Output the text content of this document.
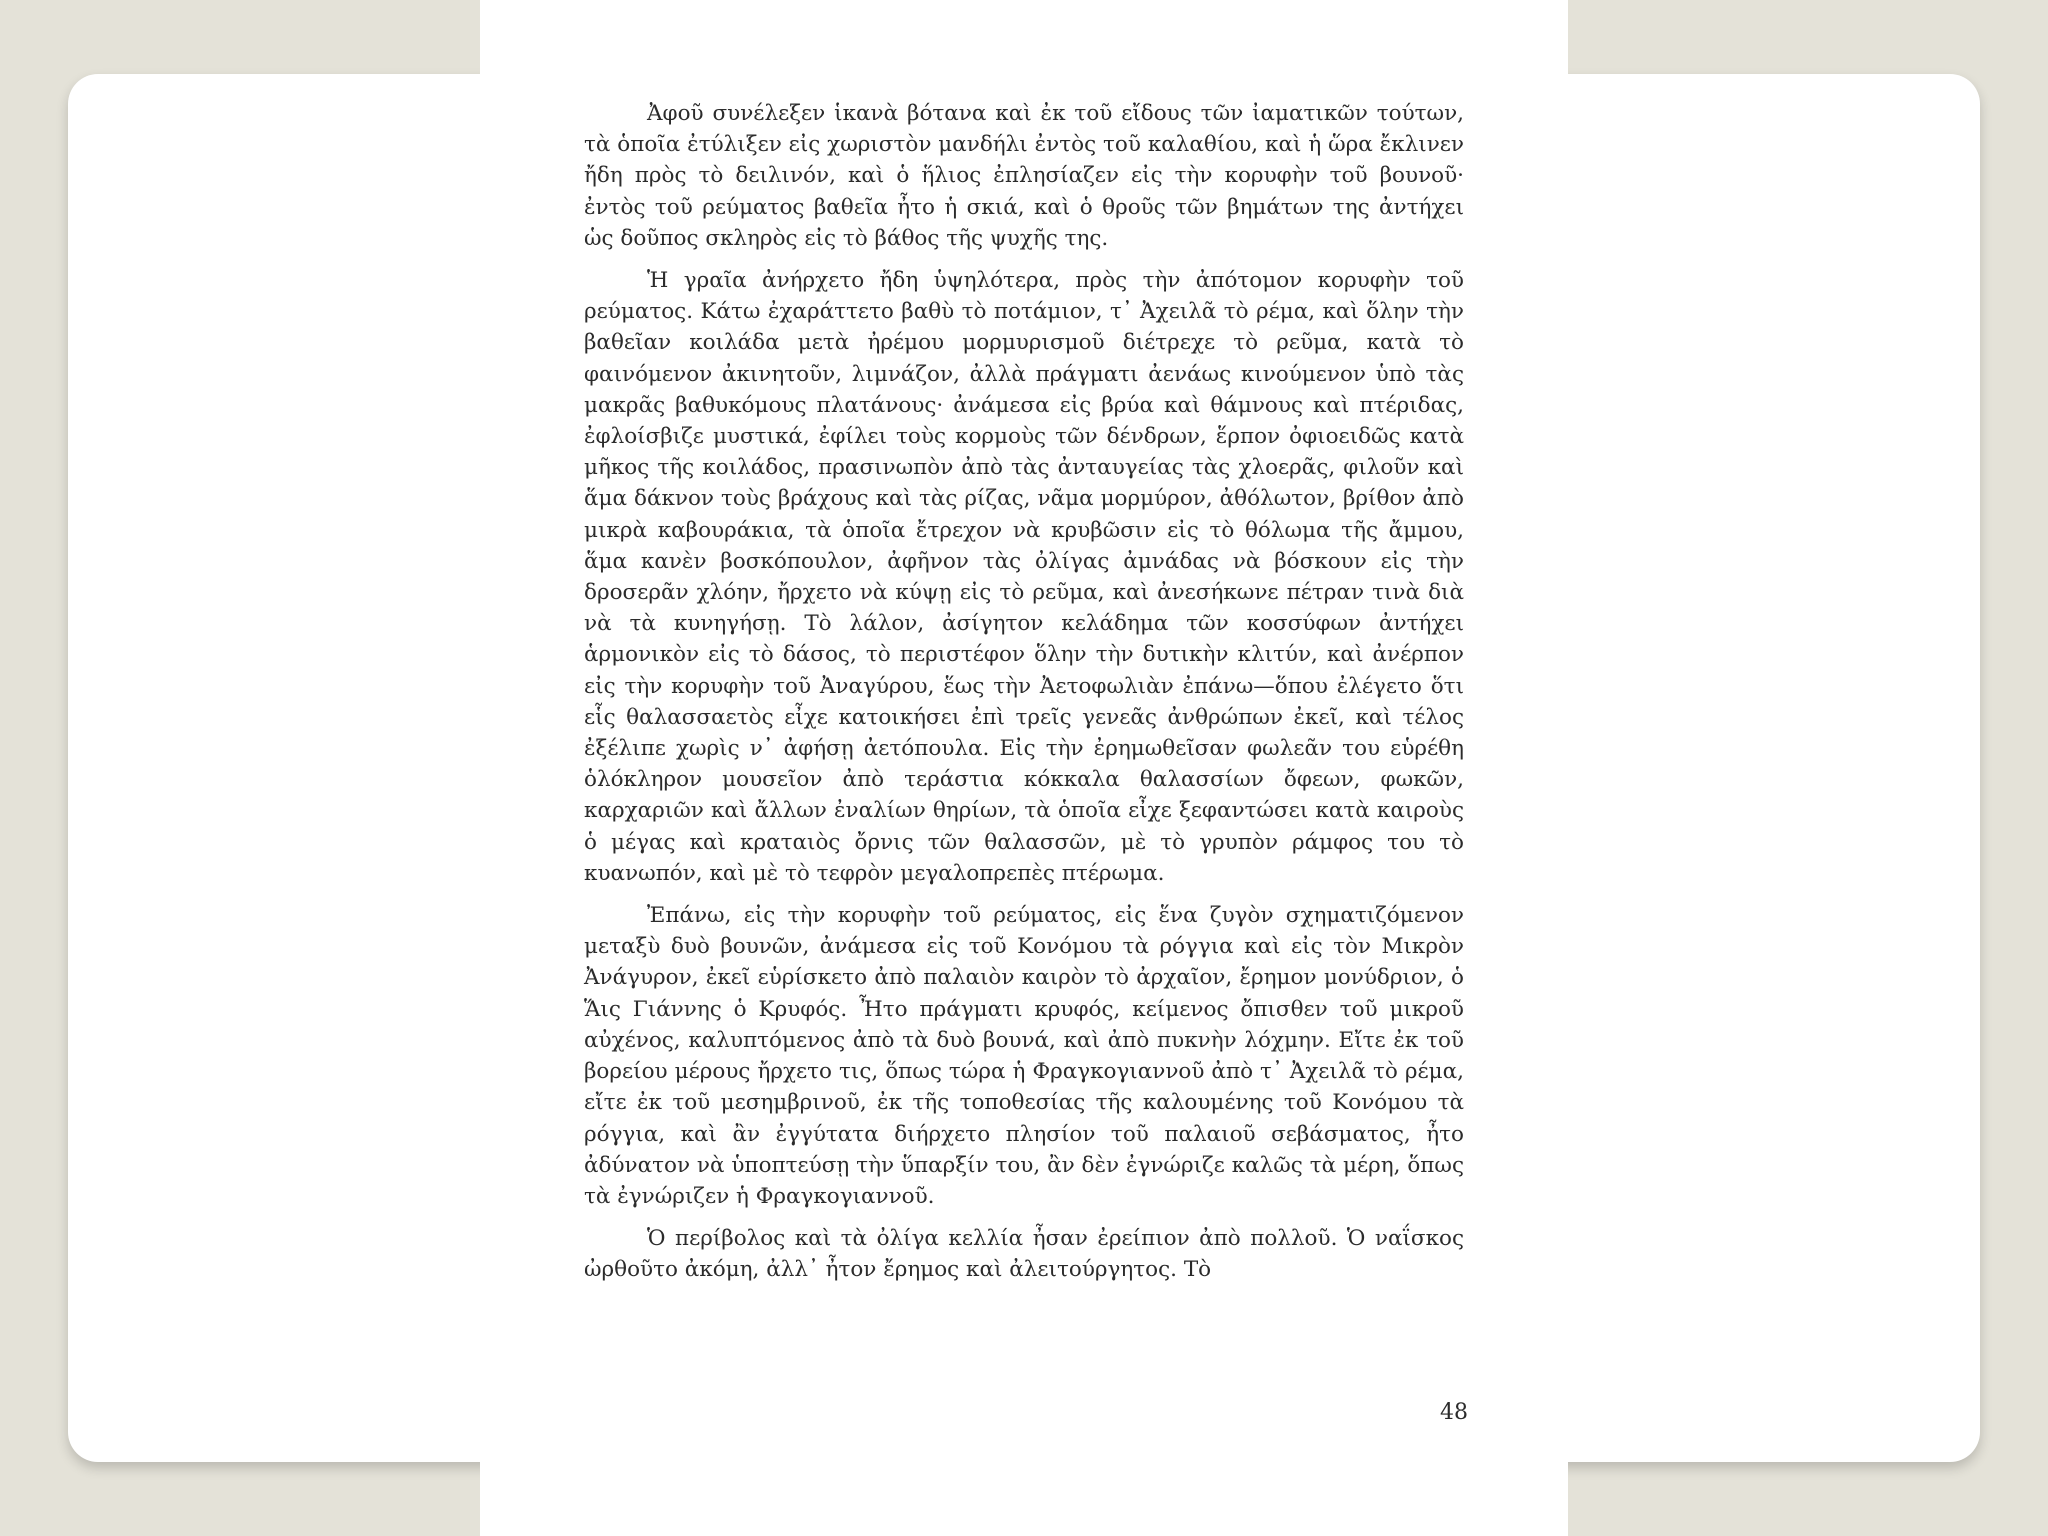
Ἀφοῦ συνέλεξεν ἱκανὰ βότανα καὶ ἐκ τοῦ εἴδους τῶν ἰαματικῶν τούτων, τὰ ὁποῖα ἐτύλιξεν εἰς χωριστὸν μανδήλι ἐντὸς τοῦ καλαθίου, καὶ ἡ ὥρα ἔκλινεν ἤδη πρὸς τὸ δειλινόν, καὶ ὁ ἥλιος ἐπλησίαζεν εἰς τὴν κορυφὴν τοῦ βουνοῦ· ἐντὸς τοῦ ρεύματος βαθεῖα ἦτο ἡ σκιά, καὶ ὁ θροῦς τῶν βημάτων της ἀντήχει ὡς δοῦπος σκληρὸς εἰς τὸ βάθος τῆς ψυχῆς της.

Ἡ γραῖα ἀνήρχετο ἤδη ὑψηλότερα, πρὸς τὴν ἀπότομον κορυφὴν τοῦ ρεύματος. Κάτω ἐχαράττετο βαθὺ τὸ ποτάμιον, τ᾽ Ἀχειλᾶ τὸ ρέμα, καὶ ὅλην τὴν βαθεῖαν κοιλάδα μετὰ ἠρέμου μορμυρισμοῦ διέτρεχε τὸ ρεῦμα, κατὰ τὸ φαινόμενον ἀκινητοῦν, λιμνάζον, ἀλλὰ πράγματι ἀενάως κινούμενον ὑπὸ τὰς μακρᾶς βαθυκόμους πλατάνους· ἀνάμεσα εἰς βρύα καὶ θάμνους καὶ πτέριδας, ἐφλοίσβιζε μυστικά, ἐφίλει τοὺς κορμοὺς τῶν δένδρων, ἕρπον ὀφιοειδῶς κατὰ μῆκος τῆς κοιλάδος, πρασινωπὸν ἀπὸ τὰς ἀνταυγείας τὰς χλοερᾶς, φιλοῦν καὶ ἅμα δάκνον τοὺς βράχους καὶ τὰς ρίζας, νᾶμα μορμύρον, ἀθόλωτον, βρίθον ἀπὸ μικρὰ καβουράκια, τὰ ὁποῖα ἔτρεχον νὰ κρυβῶσιν εἰς τὸ θόλωμα τῆς ἄμμου, ἅμα κανὲν βοσκόπουλον, ἀφῆνον τὰς ὀλίγας ἀμνάδας νὰ βόσκουν εἰς τὴν δροσερᾶν χλόην, ἤρχετο νὰ κύψῃ εἰς τὸ ρεῦμα, καὶ ἀνεσήκωνε πέτραν τινὰ διὰ νὰ τὰ κυνηγήσῃ. Τὸ λάλον, ἀσίγητον κελάδημα τῶν κοσσύφων ἀντήχει ἁρμονικὸν εἰς τὸ δάσος, τὸ περιστέφον ὅλην τὴν δυτικὴν κλιτύν, καὶ ἀνέρπον εἰς τὴν κορυφὴν τοῦ Ἀναγύρου, ἕως τὴν Ἀετοφωλιὰν ἐπάνω—ὅπου ἐλέγετο ὅτι εἷς θαλασσαετὸς εἶχε κατοικήσει ἐπὶ τρεῖς γενεᾶς ἀνθρώπων ἐκεῖ, καὶ τέλος ἐξέλιπε χωρὶς ν᾽ ἀφήσῃ ἀετόπουλα. Εἰς τὴν ἐρημωθεῖσαν φωλεᾶν του εὑρέθη ὁλόκληρον μουσεῖον ἀπὸ τεράστια κόκκαλα θαλασσίων ὄφεων, φωκῶν, καρχαριῶν καὶ ἄλλων ἐναλίων θηρίων, τὰ ὁποῖα εἶχε ξεφαντώσει κατὰ καιροὺς ὁ μέγας καὶ κραταιὸς ὄρνις τῶν θαλασσῶν, μὲ τὸ γρυπὸν ράμφος του τὸ κυανωπόν, καὶ μὲ τὸ τεφρὸν μεγαλοπρεπὲς πτέρωμα.

Ἐπάνω, εἰς τὴν κορυφὴν τοῦ ρεύματος, εἰς ἕνα ζυγὸν σχηματιζόμενον μεταξὺ δυὸ βουνῶν, ἀνάμεσα εἰς τοῦ Κονόμου τὰ ρόγγια καὶ εἰς τὸν Μικρὸν Ἀνάγυρον, ἐκεῖ εὑρίσκετο ἀπὸ παλαιὸν καιρὸν τὸ ἀρχαῖον, ἔρημον μονύδριον, ὁ Ἅις Γιάννης ὁ Κρυφός. Ἦτο πράγματι κρυφός, κείμενος ὄπισθεν τοῦ μικροῦ αὐχένος, καλυπτόμενος ἀπὸ τὰ δυὸ βουνά, καὶ ἀπὸ πυκνὴν λόχμην. Εἴτε ἐκ τοῦ βορείου μέρους ἤρχετο τις, ὅπως τώρα ἡ Φραγκογιαννοῦ ἀπὸ τ᾽ Ἀχειλᾶ τὸ ρέμα, εἴτε ἐκ τοῦ μεσημβρινοῦ, ἐκ τῆς τοποθεσίας τῆς καλουμένης τοῦ Κονόμου τὰ ρόγγια, καὶ ἂν ἐγγύτατα διήρχετο πλησίον τοῦ παλαιοῦ σεβάσματος, ἦτο ἀδύνατον νὰ ὑποπτεύσῃ τὴν ὕπαρξίν του, ἂν δὲν ἐγνώριζε καλῶς τὰ μέρη, ὅπως τὰ ἐγνώριζεν ἡ Φραγκογιαννοῦ.

Ὁ περίβολος καὶ τὰ ὀλίγα κελλία ἦσαν ἐρείπιον ἀπὸ πολλοῦ. Ὁ ναΐσκος ὠρθοῦτο ἀκόμη, ἀλλ᾽ ἦτον ἔρημος καὶ ἀλειτούργητος. Τὸ

48
